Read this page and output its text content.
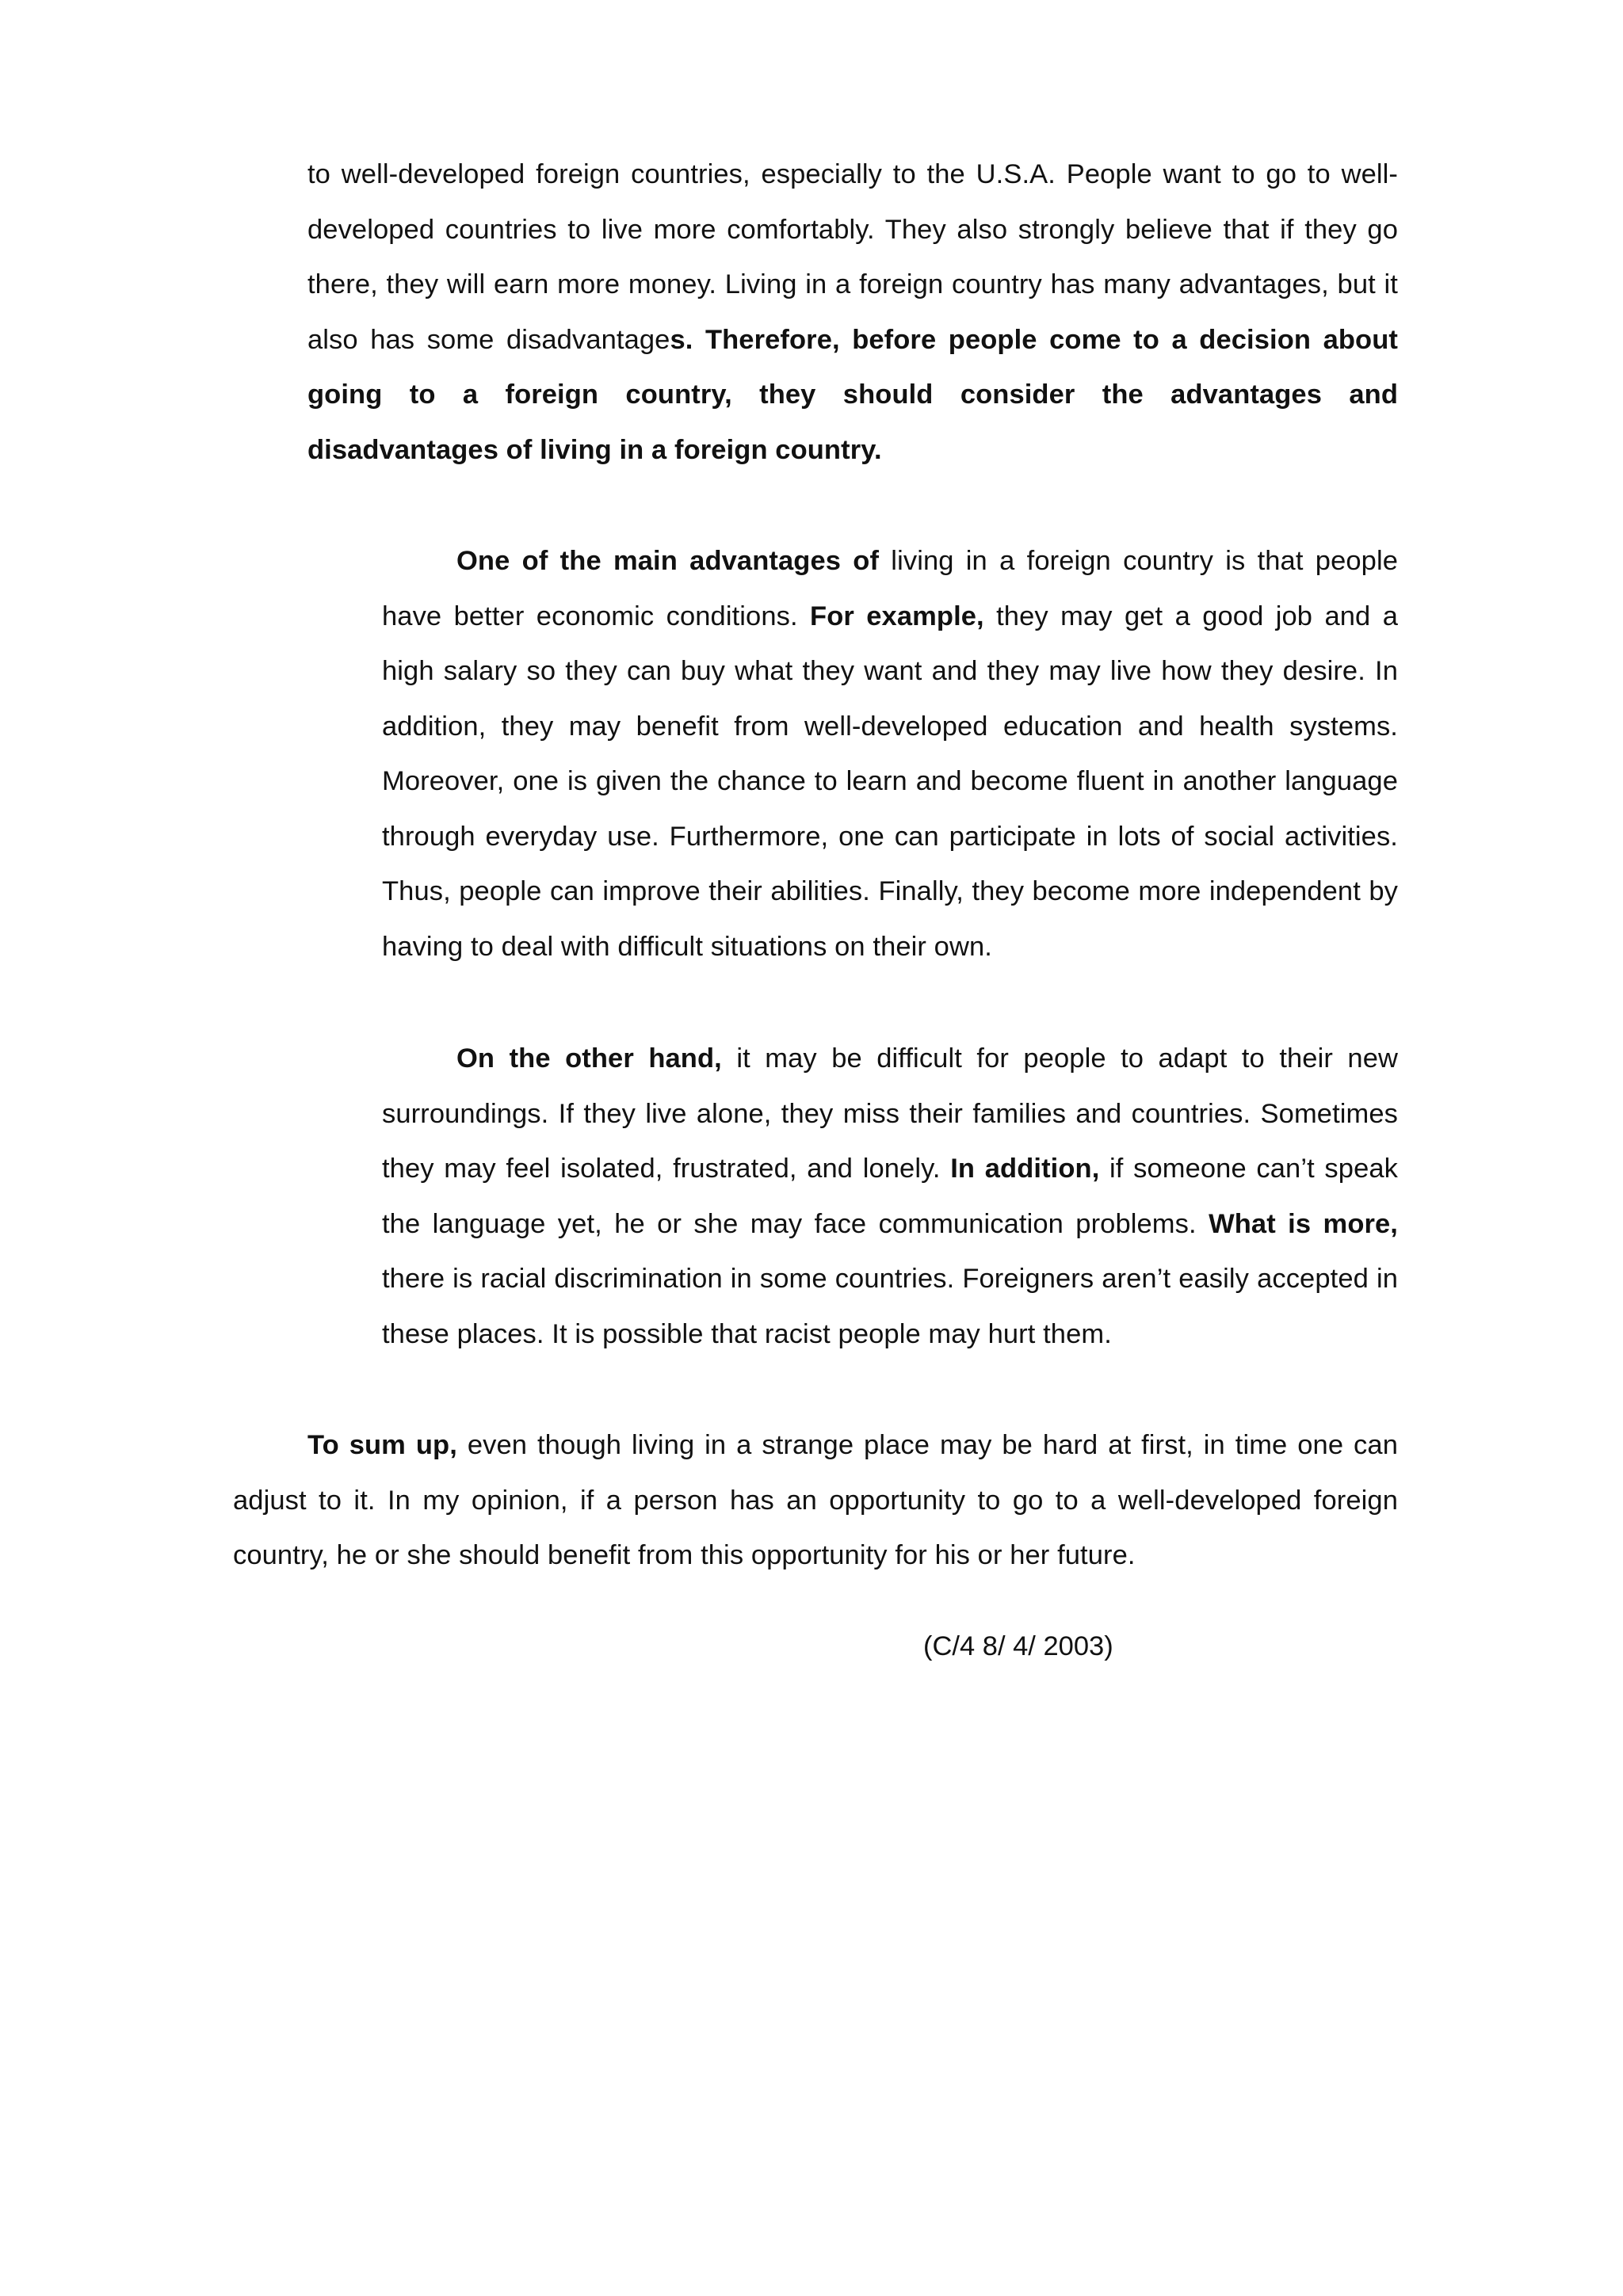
to well-developed foreign countries, especially to the U.S.A. People want to go to well-developed countries to live more comfortably. They also strongly believe that if they go there, they will earn more money. Living in a foreign country has many advantages, but it also has some disadvantages. Therefore, before people come to a decision about going to a foreign country, they should consider the advantages and disadvantages of living in a foreign country.

One of the main advantages of living in a foreign country is that people have better economic conditions. For example, they may get a good job and a high salary so they can buy what they want and they may live how they desire. In addition, they may benefit from well-developed education and health systems. Moreover, one is given the chance to learn and become fluent in another language through everyday use. Furthermore, one can participate in lots of social activities. Thus, people can improve their abilities. Finally, they become more independent by having to deal with difficult situations on their own.

On the other hand, it may be difficult for people to adapt to their new surroundings. If they live alone, they miss their families and countries. Sometimes they may feel isolated, frustrated, and lonely. In addition, if someone can’t speak the language yet, he or she may face communication problems. What is more, there is racial discrimination in some countries. Foreigners aren’t easily accepted in these places. It is possible that racist people may hurt them.

To sum up, even though living in a strange place may be hard at first, in time one can adjust to it. In my opinion, if a person has an opportunity to go to a well-developed foreign country, he or she should benefit from this opportunity for his or her future.

(C/4 8/ 4/ 2003)
